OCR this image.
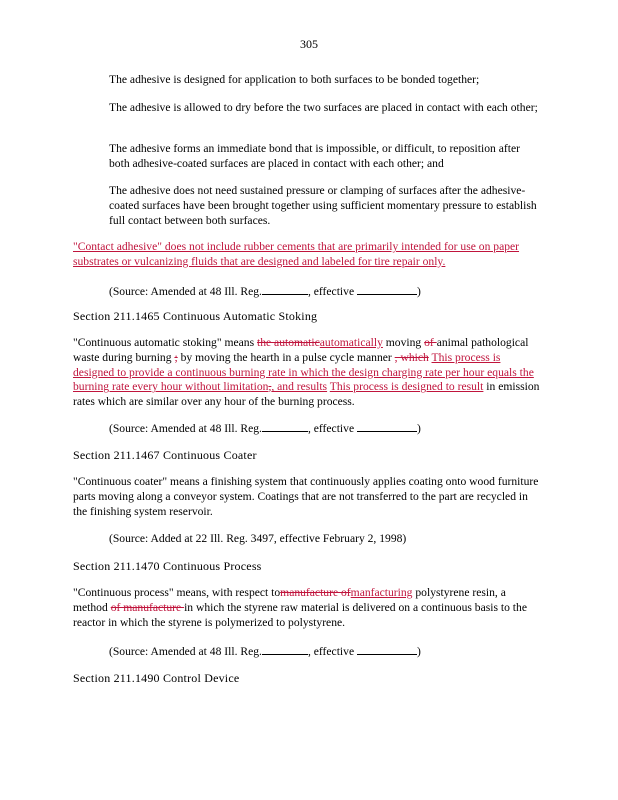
305

The adhesive is designed for application to both surfaces to be bonded together;

The adhesive is allowed to dry before the two surfaces are placed in contact with each other;

The adhesive forms an immediate bond that is impossible, or difficult, to reposition after both adhesive-coated surfaces are placed in contact with each other; and

The adhesive does not need sustained pressure or clamping of surfaces after the adhesive-coated surfaces have been brought together using sufficient momentary pressure to establish full contact between both surfaces.

"Contact adhesive" does not include rubber cements that are primarily intended for use on paper substrates or vulcanizing fluids that are designed and labeled for tire repair only.

(Source: Amended at 48 Ill. Reg.	, effective	)

Section 211.1465 Continuous Automatic Stoking

"Continuous automatic stoking" means the automaticautomatically moving of animal pathological waste during burning ; by moving the hearth in a pulse cycle manner , which This process is designed to provide a continuous burning rate in which the design charging rate per hour equals the burning rate every hour without limitation,, and results This process is designed to result in emission rates which are similar over any hour of the burning process.

(Source: Amended at 48 Ill. Reg.	, effective	)

Section 211.1467 Continuous Coater

"Continuous coater" means a finishing system that continuously applies coating onto wood furniture parts moving along a conveyor system. Coatings that are not transferred to the part are recycled in the finishing system reservoir.

(Source: Added at 22 Ill. Reg. 3497, effective February 2, 1998)

Section 211.1470 Continuous Process

"Continuous process" means, with respect tomanufacture ofmanfacturing polystyrene resin, a method of manufacture in which the styrene raw material is delivered on a continuous basis to the reactor in which the styrene is polymerized to polystyrene.

(Source: Amended at 48 Ill. Reg.	, effective	)

Section 211.1490 Control Device
